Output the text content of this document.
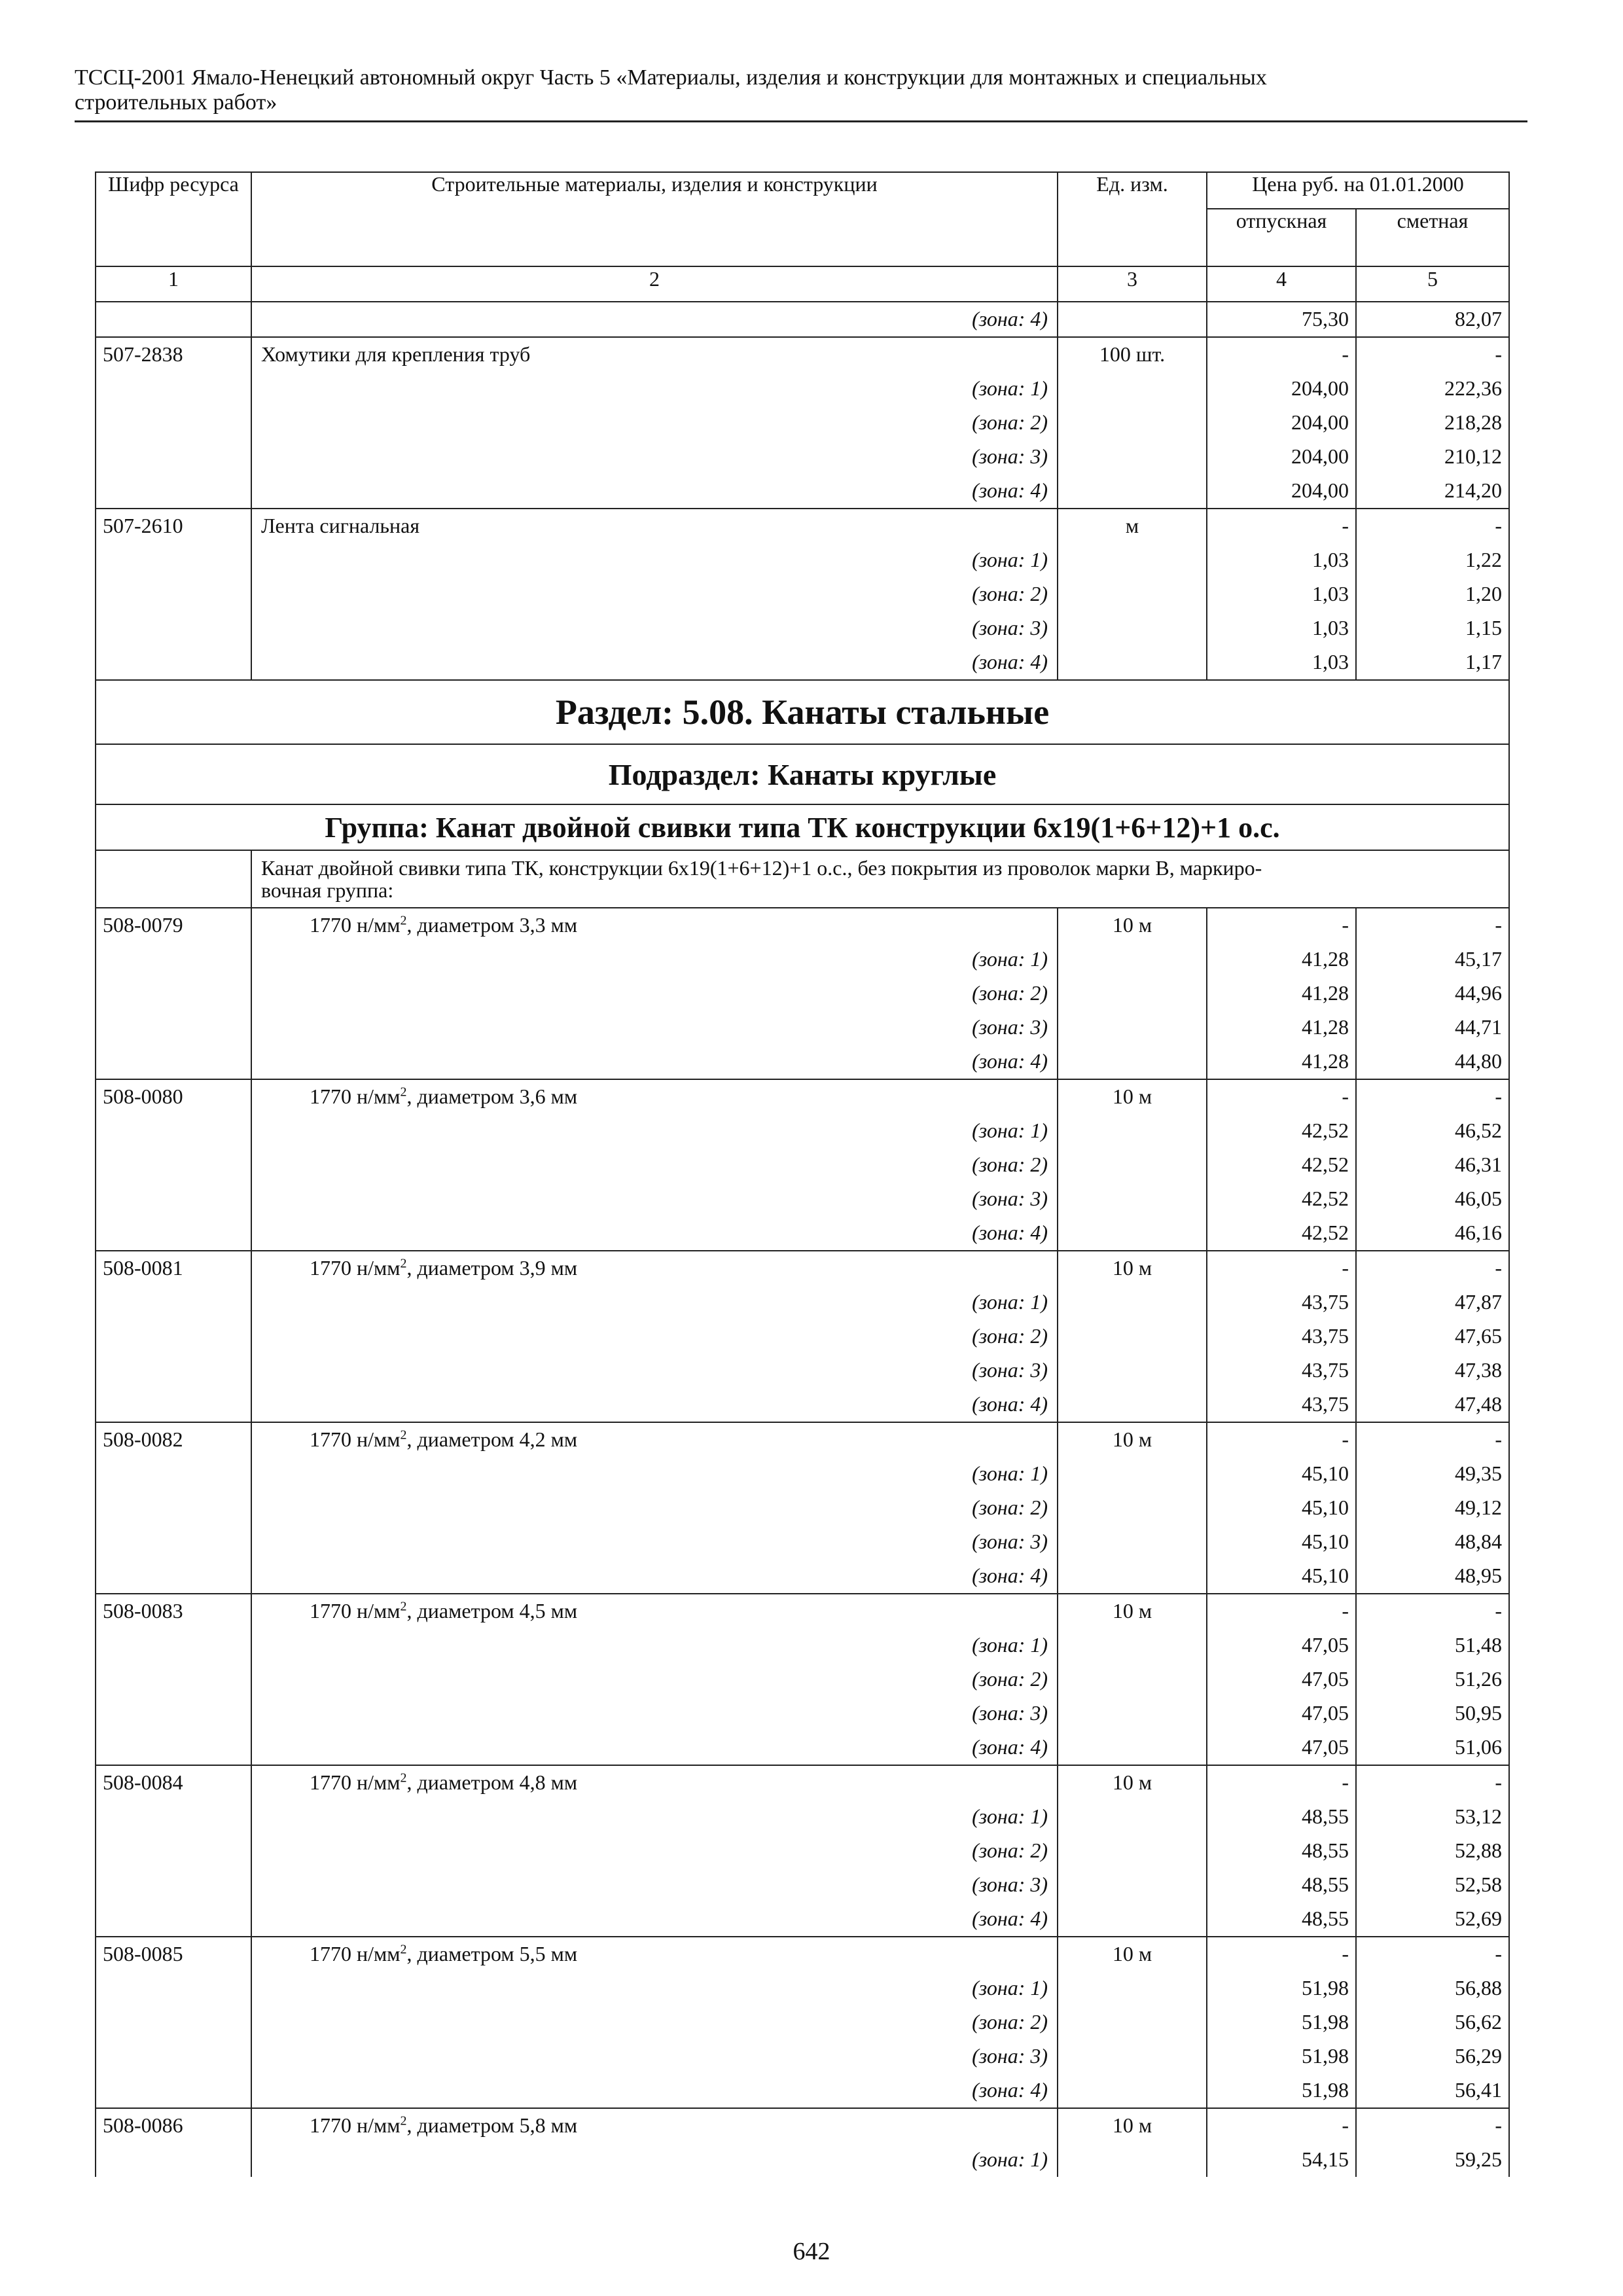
ТССЦ-2001 Ямало-Ненецкий автономный округ Часть 5 «Материалы, изделия и конструкции для монтажных и специальных
строительных работ»
Шифр ресурса	Строительные материалы, изделия и конструкции	Ед. изм.	Цена руб. на 01.01.2000	
			отпускная	сметная
1	2	3	4	5
	(зона: 4)		75,30	82,07
507-2838	Хомутики для крепления труб	100 шт.	-	-
	(зона: 1)		204,00	222,36
	(зона: 2)		204,00	218,28
	(зона: 3)		204,00	210,12
	(зона: 4)		204,00	214,20
507-2610	Лента сигнальная	м	-	-
	(зона: 1)		1,03	1,22
	(зона: 2)		1,03	1,20
	(зона: 3)		1,03	1,15
	(зона: 4)		1,03	1,17
Раздел: 5.08. Канаты стальные				
Подраздел: Канаты круглые				
Группа: Канат двойной свивки типа ТК конструкции 6х19(1+6+12)+1 о.с.				

	Канат двойной свивки типа ТК, конструкции 6х19(1+6+12)+1 о.с., без покрытия из проволок марки В, маркиро-
вочная группа:			

508-0079	1770 $н/мм^2$, диаметром 3,3 мм	10 м	-	-
	(зона: 1)		41,28	45,17
	(зона: 2)		41,28	44,96
	(зона: 3)		41,28	44,71
	(зона: 4)		41,28	44,80
508-0080	1770 $н/мм^2$, диаметром 3,6 мм	10 м	-	-
	(зона: 1)		42,52	46,52
	(зона: 2)		42,52	46,31
	(зона: 3)		42,52	46,05
	(зона: 4)		42,52	46,16
508-0081	1770 $н/мм^2$, диаметром 3,9 мм	10 м	-	-
	(зона: 1)		43,75	47,87
	(зона: 2)		43,75	47,65
	(зона: 3)		43,75	47,38
	(зона: 4)		43,75	47,48
508-0082	1770 $н/мм^2$, диаметром 4,2 мм	10 м	-	-
	(зона: 1)		45,10	49,35
	(зона: 2)		45,10	49,12
	(зона: 3)		45,10	48,84
	(зона: 4)		45,10	48,95
508-0083	1770 $н/мм^2$, диаметром 4,5 мм	10 м	-	-
	(зона: 1)		47,05	51,48
	(зона: 2)		47,05	51,26
	(зона: 3)		47,05	50,95
	(зона: 4)		47,05	51,06
508-0084	1770 $н/мм^2$, диаметром 4,8 мм	10 м	-	-
	(зона: 1)		48,55	53,12
	(зона: 2)		48,55	52,88
	(зона: 3)		48,55	52,58
	(зона: 4)		48,55	52,69
508-0085	1770 $н/мм^2$, диаметром 5,5 мм	10 м	-	-
	(зона: 1)		51,98	56,88
	(зона: 2)		51,98	56,62
	(зона: 3)		51,98	56,29
	(зона: 4)		51,98	56,41
508-0086	1770 $н/мм^2$, диаметром 5,8 мм	10 м	-	-
	(зона: 1)		54,15	59,25
642
